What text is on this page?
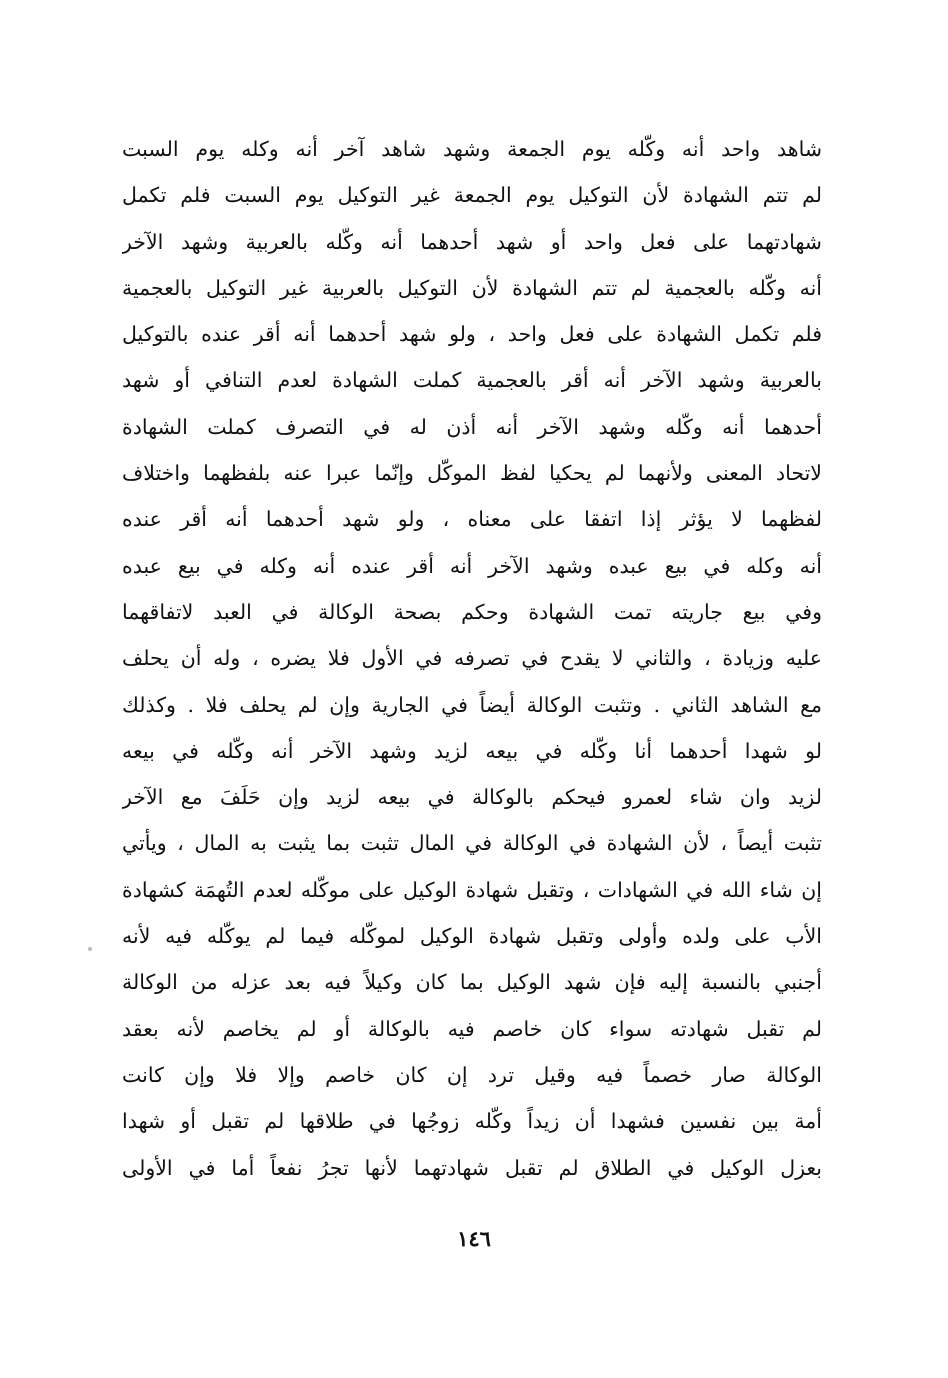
شاهد واحد أنه وكّله يوم الجمعة وشهد شاهد آخر أنه وكله يوم السبت
لم تتم الشهادة لأن التوكيل يوم الجمعة غير التوكيل يوم السبت فلم تكمل
شهادتهما على فعل واحد أو شهد أحدهما أنه وكّله بالعربية وشهد الآخر
أنه وكّله بالعجمية لم تتم الشهادة لأن التوكيل بالعربية غير التوكيل بالعجمية
فلم تكمل الشهادة على فعل واحد ، ولو شهد أحدهما أنه أقر عنده بالتوكيل
بالعربية وشهد الآخر أنه أقر بالعجمية كملت الشهادة لعدم التنافي أو شهد
أحدهما أنه وكّله وشهد الآخر أنه أذن له في التصرف كملت الشهادة
لاتحاد المعنى ولأنهما لم يحكيا لفظ الموكّل وإنّما عبرا عنه بلفظهما واختلاف
لفظهما لا يؤثر إذا اتفقا على معناه ، ولو شهد أحدهما أنه أقر عنده
أنه وكله في بيع عبده وشهد الآخر أنه أقر عنده أنه وكله في بيع عبده
وفي بيع جاريته تمت الشهادة وحكم بصحة الوكالة في العبد لاتفاقهما
عليه وزيادة ، والثاني لا يقدح في تصرفه في الأول فلا يضره ، وله أن يحلف
مع الشاهد الثاني . وتثبت الوكالة أيضاً في الجارية وإن لم يحلف فلا . وكذلك
لو شهدا أحدهما أنا وكّله في بيعه لزيد وشهد الآخر أنه وكّله في بيعه
لزيد وان شاء لعمرو فيحكم بالوكالة في بيعه لزيد وإن حَلَفَ مع الآخر
تثبت أيصاً ، لأن الشهادة في الوكالة في المال تثبت بما يثبت به المال ، ويأتي
إن شاء الله في الشهادات ، وتقبل شهادة الوكيل على موكّله لعدم التُهمَة كشهادة
الأب على ولده وأولى وتقبل شهادة الوكيل لموكّله فيما لم يوكّله فيه لأنه
أجنبي بالنسبة إليه فإن شهد الوكيل بما كان وكيلاً فيه بعد عزله من الوكالة
لم تقبل شهادته سواء كان خاصم فيه بالوكالة أو لم يخاصم لأنه بعقد
الوكالة صار خصماً فيه وقيل ترد إن كان خاصم وإلا فلا وإن كانت
أمة بين نفسين فشهدا أن زيداً وكّله زوجُها في طلاقها لم تقبل أو شهدا
بعزل الوكيل في الطلاق لم تقبل شهادتهما لأنها تجرُ نفعاً أما في الأولى
١٤٦
